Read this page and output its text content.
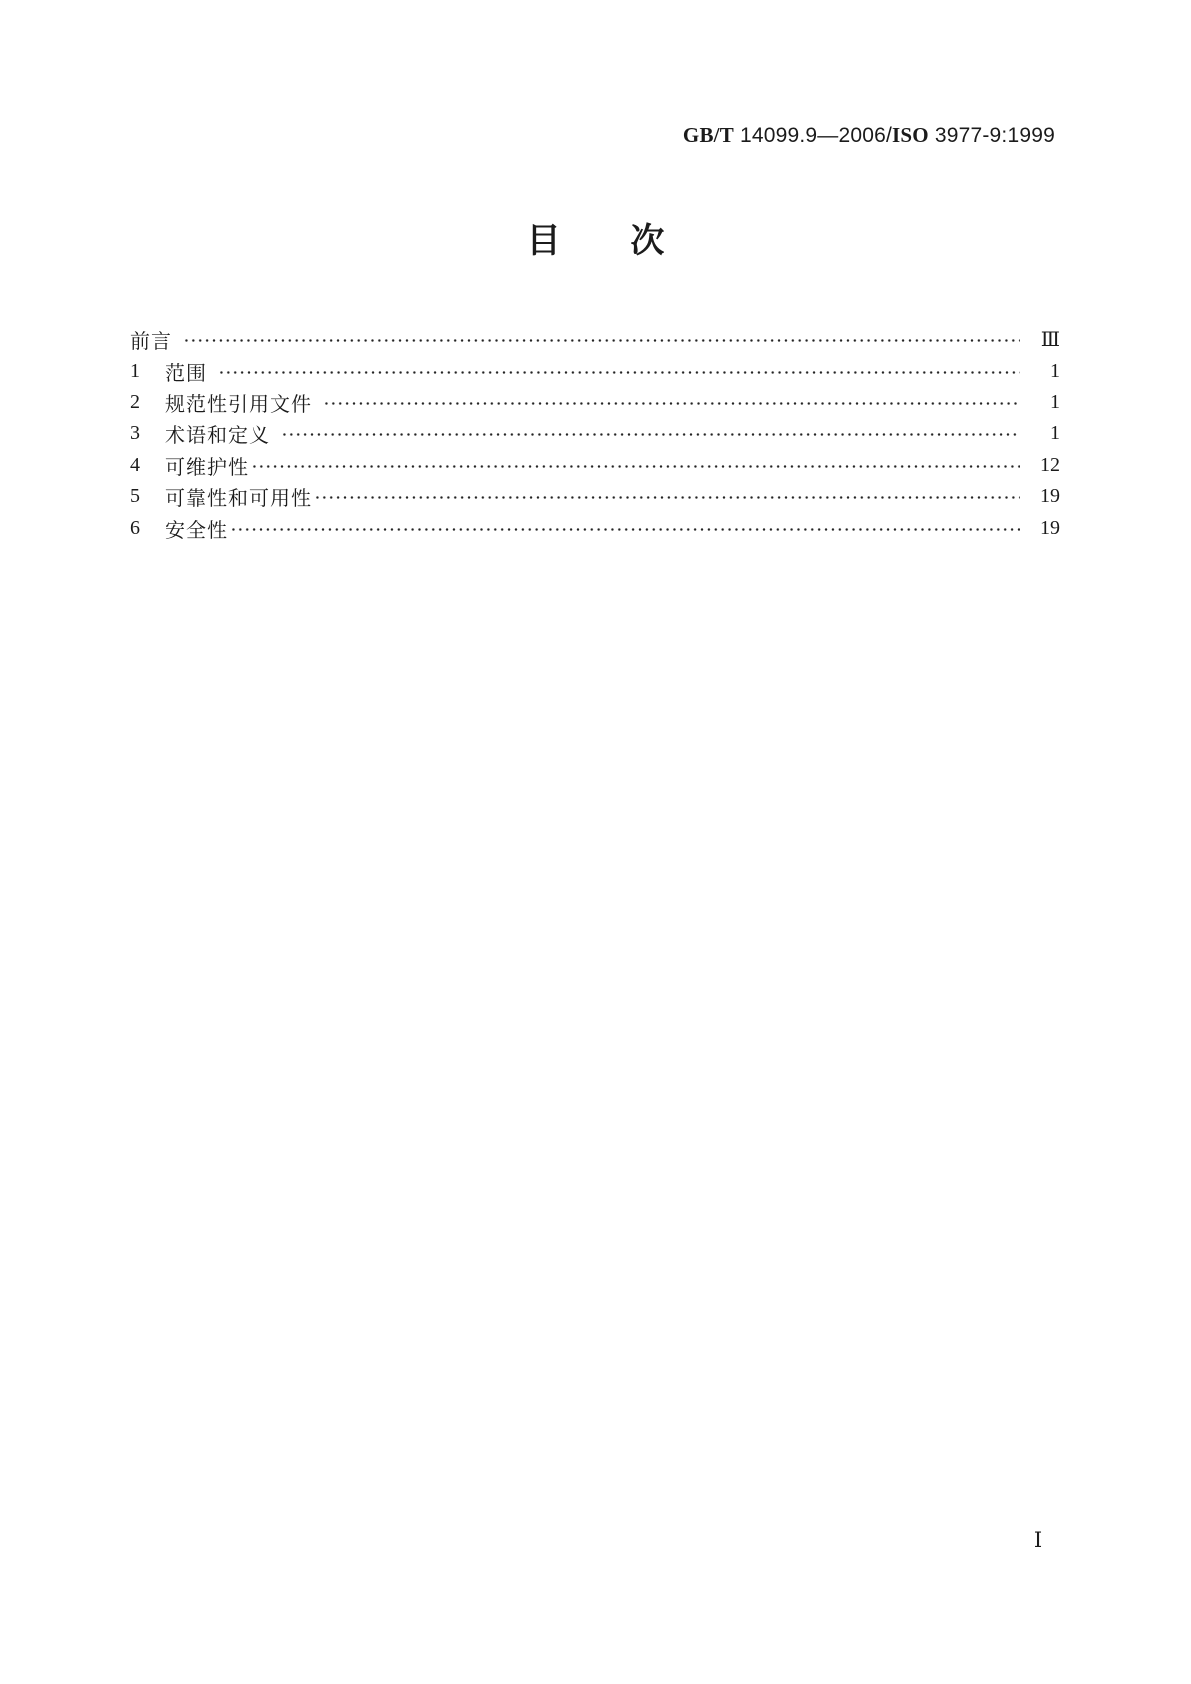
GB/T 14099.9—2006/ISO 3977-9:1999
目次
前言	Ⅲ
1	范围	1
2	规范性引用文件	1
3	术语和定义	1
4	可维护性	12
5	可靠性和可用性	19
6	安全性	19
Ⅰ
